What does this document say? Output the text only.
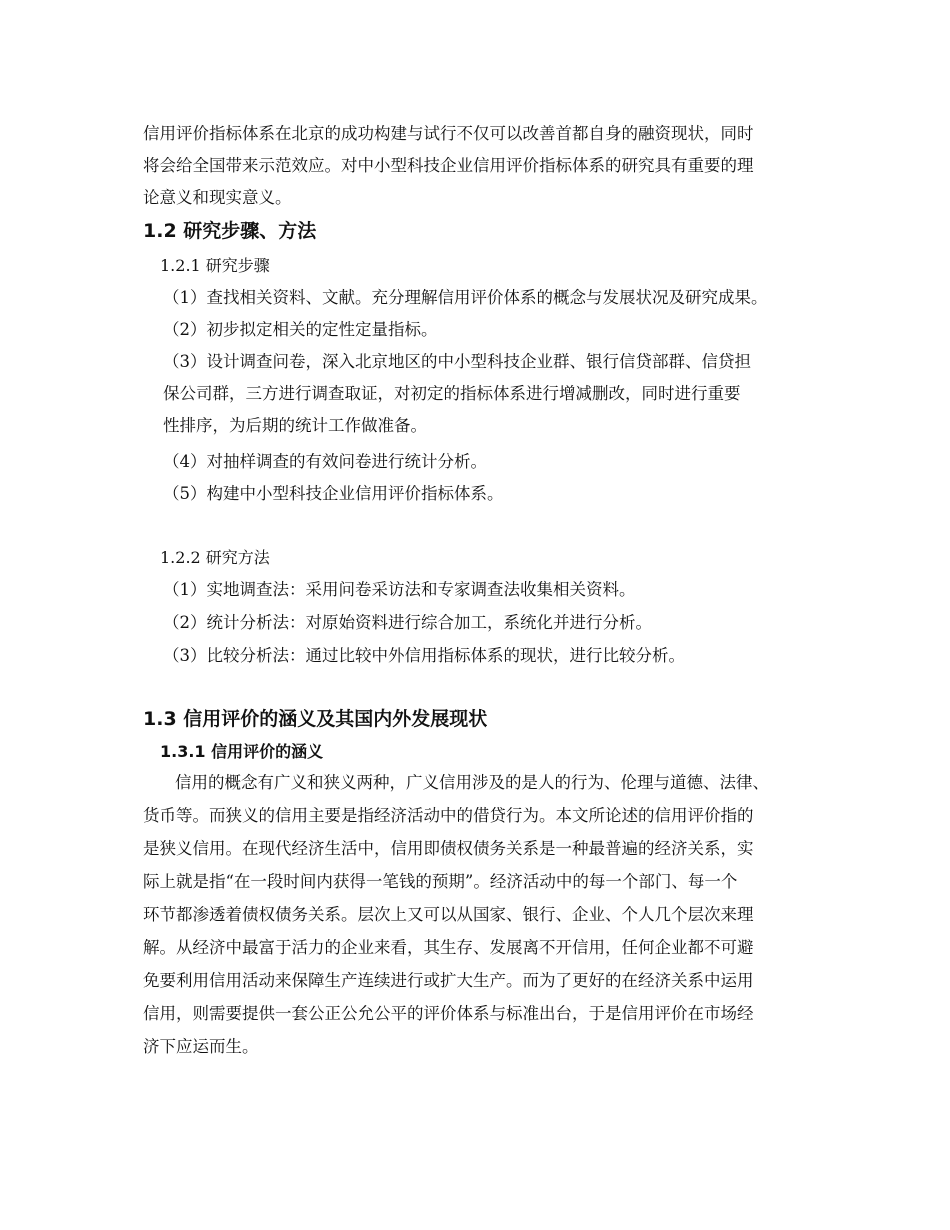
信用评价指标体系在北京的成功构建与试行不仅可以改善首都自身的融资现状，同时
将会给全国带来示范效应。对中小型科技企业信用评价指标体系的研究具有重要的理
论意义和现实意义。
1.2 研究步骤、方法
1.2.1 研究步骤
（1）查找相关资料、文献。充分理解信用评价体系的概念与发展状况及研究成果。
（2）初步拟定相关的定性定量指标。
（3）设计调查问卷，深入北京地区的中小型科技企业群、银行信贷部群、信贷担
保公司群，三方进行调查取证，对初定的指标体系进行增减删改，同时进行重要
性排序，为后期的统计工作做准备。
（4）对抽样调查的有效问卷进行统计分析。
（5）构建中小型科技企业信用评价指标体系。
1.2.2 研究方法
（1）实地调查法：采用问卷采访法和专家调查法收集相关资料。
（2）统计分析法：对原始资料进行综合加工，系统化并进行分析。
（3）比较分析法：通过比较中外信用指标体系的现状，进行比较分析。
1.3 信用评价的涵义及其国内外发展现状
1.3.1 信用评价的涵义
信用的概念有广义和狭义两种，广义信用涉及的是人的行为、伦理与道德、法律、
货币等。而狭义的信用主要是指经济活动中的借贷行为。本文所论述的信用评价指的
是狭义信用。在现代经济生活中，信用即债权债务关系是一种最普遍的经济关系，实
际上就是指“在一段时间内获得一笔钱的预期”。经济活动中的每一个部门、每一个
环节都渗透着债权债务关系。层次上又可以从国家、银行、企业、个人几个层次来理
解。从经济中最富于活力的企业来看，其生存、发展离不开信用，任何企业都不可避
免要利用信用活动来保障生产连续进行或扩大生产。而为了更好的在经济关系中运用
信用，则需要提供一套公正公允公平的评价体系与标准出台，于是信用评价在市场经
济下应运而生。
